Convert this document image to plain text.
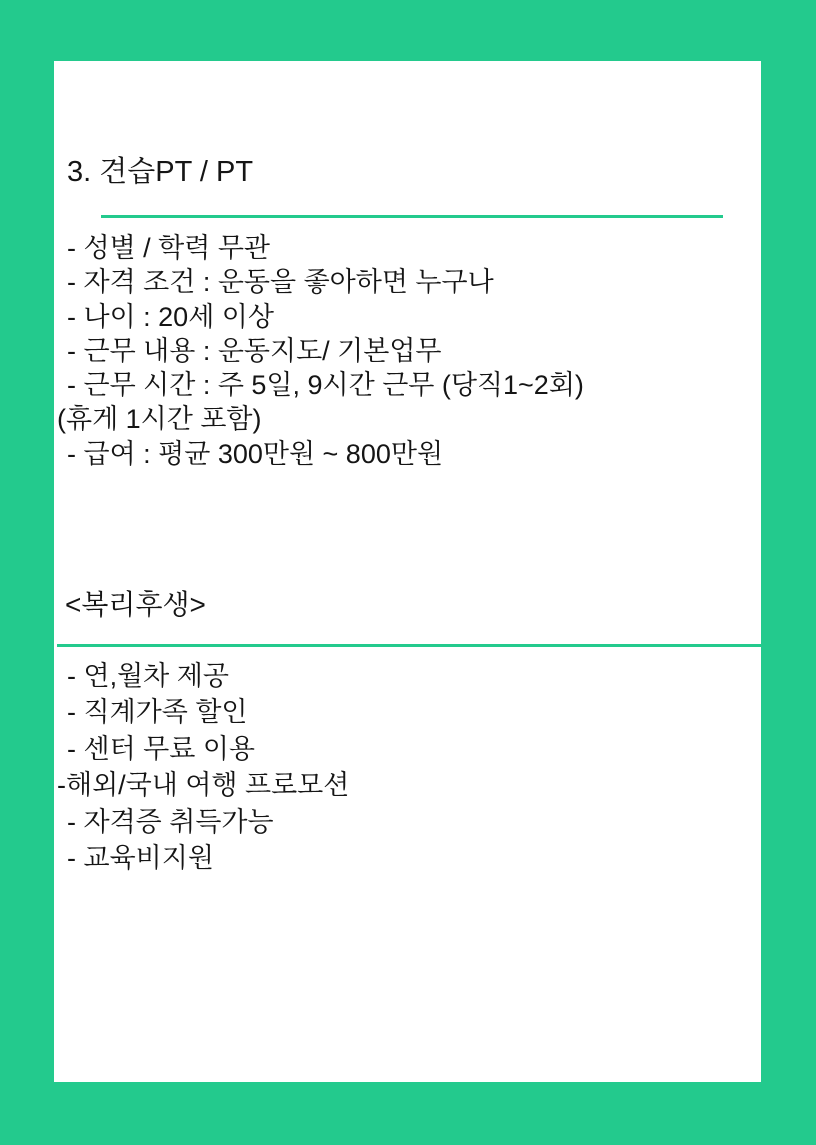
3. 견습PT / PT
- 성별 / 학력 무관
- 자격 조건 : 운동을 좋아하면 누구나
- 나이 : 20세 이상
- 근무 내용 : 운동지도/ 기본업무
- 근무 시간 : 주 5일, 9시간 근무 (당직1~2회)
(휴게 1시간 포함)
- 급여 : 평균 300만원 ~ 800만원
<복리후생>
- 연,월차 제공
- 직계가족 할인
- 센터 무료 이용
-해외/국내 여행 프로모션
- 자격증 취득가능
- 교육비지원
